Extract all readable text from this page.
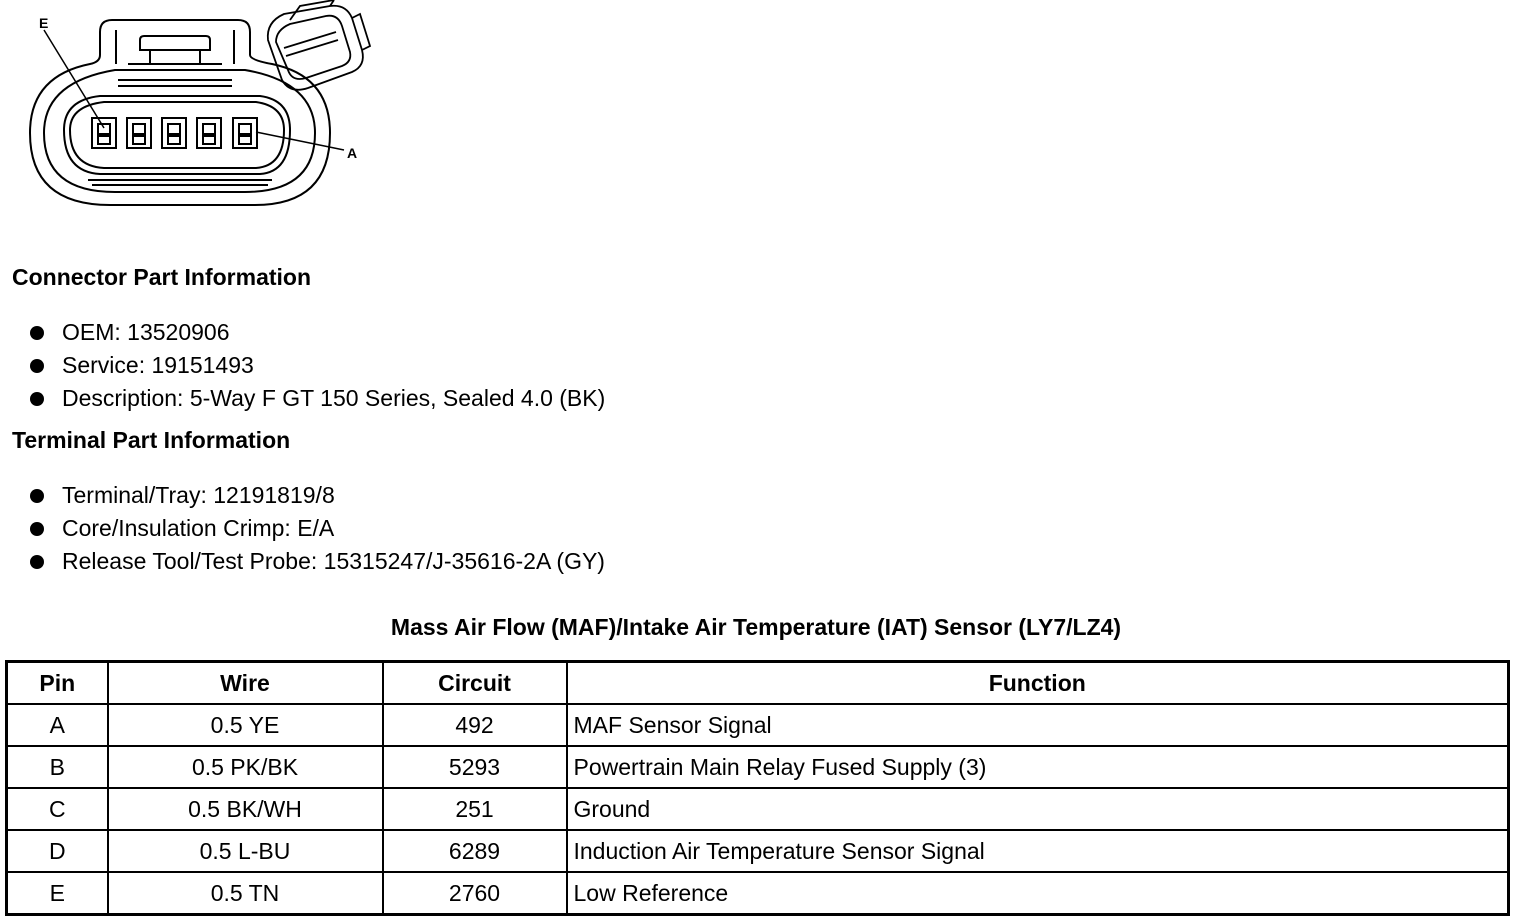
E
A
Connector Part Information
OEM: 13520906
Service: 19151493
Description: 5-Way F GT 150 Series, Sealed 4.0 (BK)
Terminal Part Information
Terminal/Tray: 12191819/8
Core/Insulation Crimp: E/A
Release Tool/Test Probe: 15315247/J-35616-2A (GY)
Mass Air Flow (MAF)/Intake Air Temperature (IAT) Sensor (LY7/LZ4)
Pin	Wire	Circuit	Function
A	0.5 YE	492	MAF Sensor Signal
B	0.5 PK/BK	5293	Powertrain Main Relay Fused Supply (3)
C	0.5 BK/WH	251	Ground
D	0.5 L-BU	6289	Induction Air Temperature Sensor Signal
E	0.5 TN	2760	Low Reference
